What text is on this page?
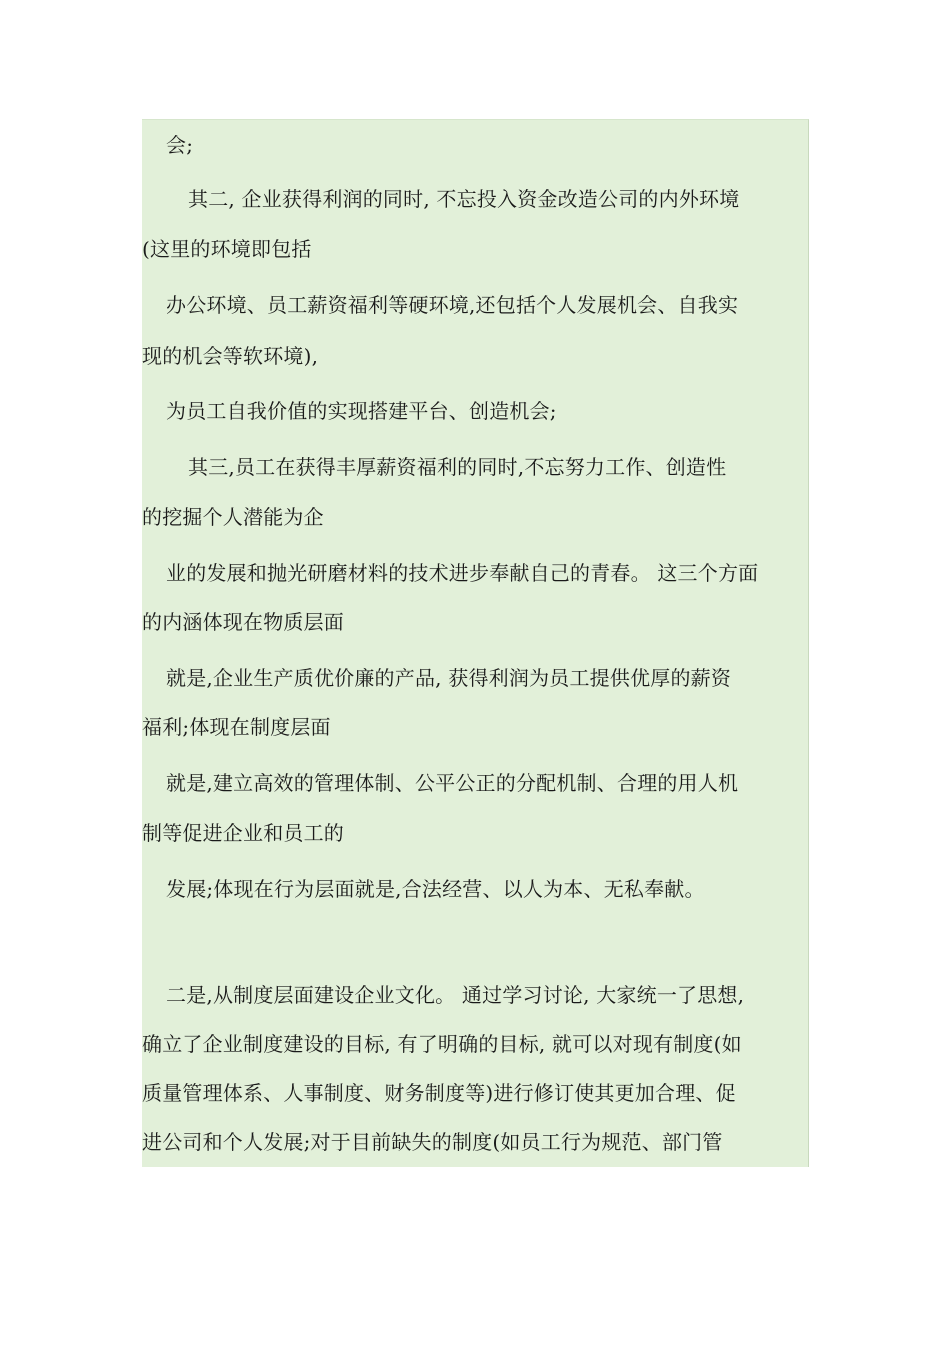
会;
其二, 企业获得利润的同时, 不忘投入资金改造公司的内外环境
(这里的环境即包括
办公环境、员工薪资福利等硬环境,还包括个人发展机会、自我实
现的机会等软环境),
为员工自我价值的实现搭建平台、创造机会;
其三,员工在获得丰厚薪资福利的同时,不忘努力工作、创造性
的挖掘个人潜能为企
业的发展和抛光研磨材料的技术进步奉献自己的青春。 这三个方面
的内涵体现在物质层面
就是,企业生产质优价廉的产品, 获得利润为员工提供优厚的薪资
福利;体现在制度层面
就是,建立高效的管理体制、公平公正的分配机制、合理的用人机
制等促进企业和员工的
发展;体现在行为层面就是,合法经营、以人为本、无私奉献。
二是,从制度层面建设企业文化。 通过学习讨论, 大家统一了思想,
确立了企业制度建设的目标, 有了明确的目标, 就可以对现有制度(如
质量管理体系、人事制度、财务制度等)进行修订使其更加合理、促
进公司和个人发展;对于目前缺失的制度(如员工行为规范、部门管
